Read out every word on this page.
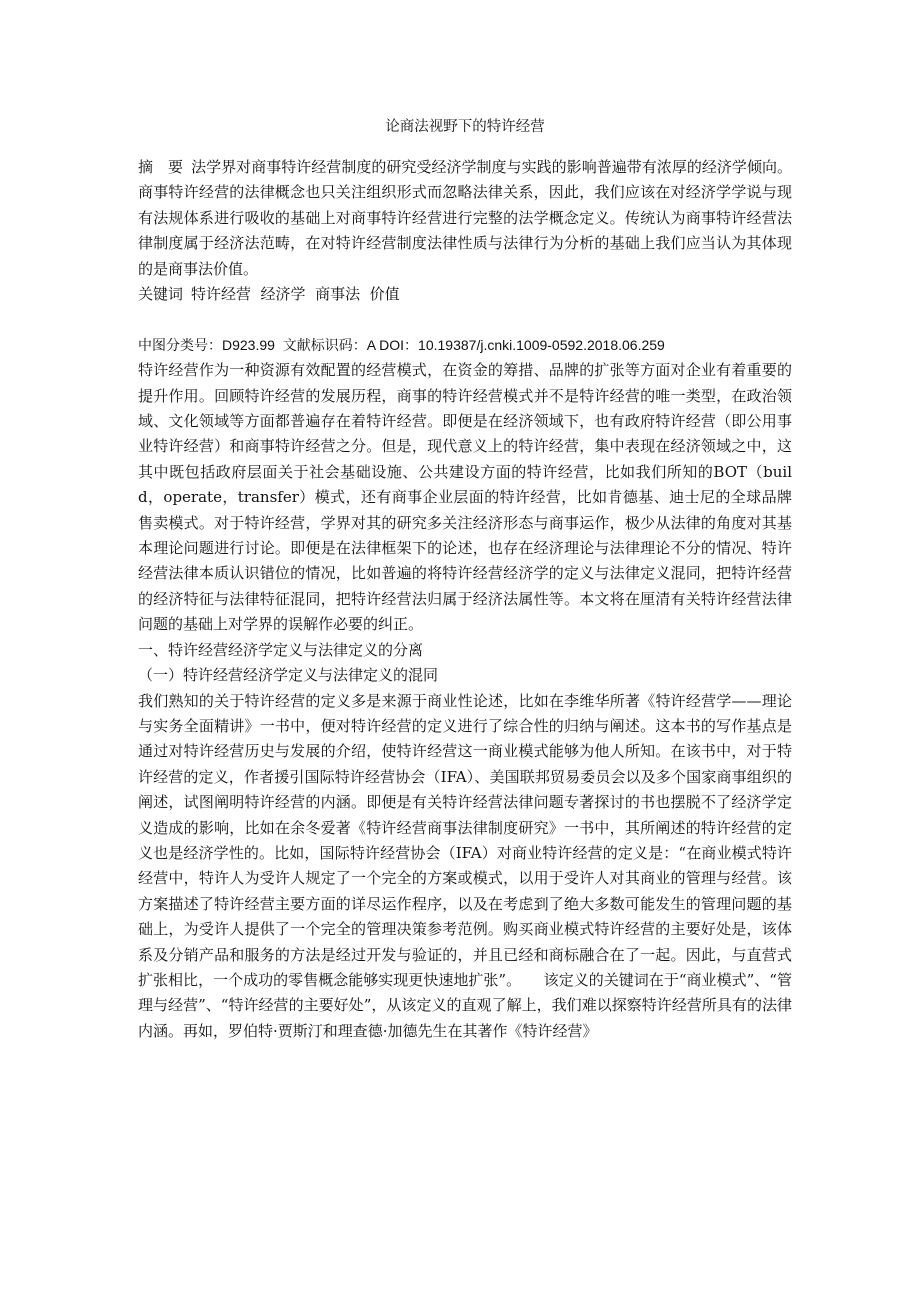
论商法视野下的特许经营

摘　要 法学界对商事特许经营制度的研究受经济学制度与实践的影响普遍带有浓厚的经济学倾向。商事特许经营的法律概念也只关注组织形式而忽略法律关系，因此，我们应该在对经济学学说与现有法规体系进行吸收的基础上对商事特许经营进行完整的法学概念定义。传统认为商事特许经营法律制度属于经济法范畴，在对特许经营制度法律性质与法律行为分析的基础上我们应当认为其体现的是商事法价值。

关键词 特许经营  经济学  商事法  价值

中图分类号：D923.99  文献标识码：A DOI：10.19387/j.cnki.1009-0592.2018.06.259

特许经营作为一种资源有效配置的经营模式，在资金的筹措、品牌的扩张等方面对企业有着重要的提升作用。回顾特许经营的发展历程，商事的特许经营模式并不是特许经营的唯一类型，在政治领域、文化领域等方面都普遍存在着特许经营。即便是在经济领域下，也有政府特许经营（即公用事业特许经营）和商事特许经营之分。但是，现代意义上的特许经营，集中表现在经济领域之中，这其中既包括政府层面关于社会基础设施、公共建设方面的特许经营，比如我们所知的BOT（build，operate，transfer）模式，还有商事企业层面的特许经营，比如肯德基、迪士尼的全球品牌售卖模式。对于特许经营，学界对其的研究多关注经济形态与商事运作，极少从法律的角度对其基本理论问题进行讨论。即便是在法律框架下的论述，也存在经济理论与法律理论不分的情况、特许经营法律本质认识错位的情况，比如普遍的将特许经营经济学的定义与法律定义混同，把特许经营的经济特征与法律特征混同，把特许经营法归属于经济法属性等。本文将在厘清有关特许经营法律问题的基础上对学界的误解作必要的纠正。

一、特许经营经济学定义与法律定义的分离

（一）特许经营经济学定义与法律定义的混同

我们熟知的关于特许经营的定义多是来源于商业性论述，比如在李维华所著《特许经营学——理论与实务全面精讲》一书中，便对特许经营的定义进行了综合性的归纳与阐述。这本书的写作基点是通过对特许经营历史与发展的介绍，使特许经营这一商业模式能够为他人所知。在该书中，对于特许经营的定义，作者援引国际特许经营协会（IFA）、美国联邦贸易委员会以及多个国家商事组织的阐述，试图阐明特许经营的内涵。即便是有关特许经营法律问题专著探讨的书也摆脱不了经济学定义造成的影响，比如在余冬爱著《特许经营商事法律制度研究》一书中，其所阐述的特许经营的定义也是经济学性的。比如，国际特许经营协会（IFA）对商业特许经营的定义是：“在商业模式特许经营中，特许人为受许人规定了一个完全的方案或模式，以用于受许人对其商业的管理与经营。该方案描述了特许经营主要方面的详尽运作程序，以及在考虑到了绝大多数可能发生的管理问题的基础上，为受许人提供了一个完全的管理决策参考范例。购买商业模式特许经营的主要好处是，该体系及分销产品和服务的方法是经过开发与验证的，并且已经和商标融合在了一起。因此，与直营式扩张相比，一个成功的零售概念能够实现更快速地扩张”。　　该定义的关键词在于“商业模式”、“管理与经营”、“特许经营的主要好处”，从该定义的直观了解上，我们难以探察特许经营所具有的法律内涵。再如，罗伯特·贾斯汀和理查德·加德先生在其著作《特许经营》
